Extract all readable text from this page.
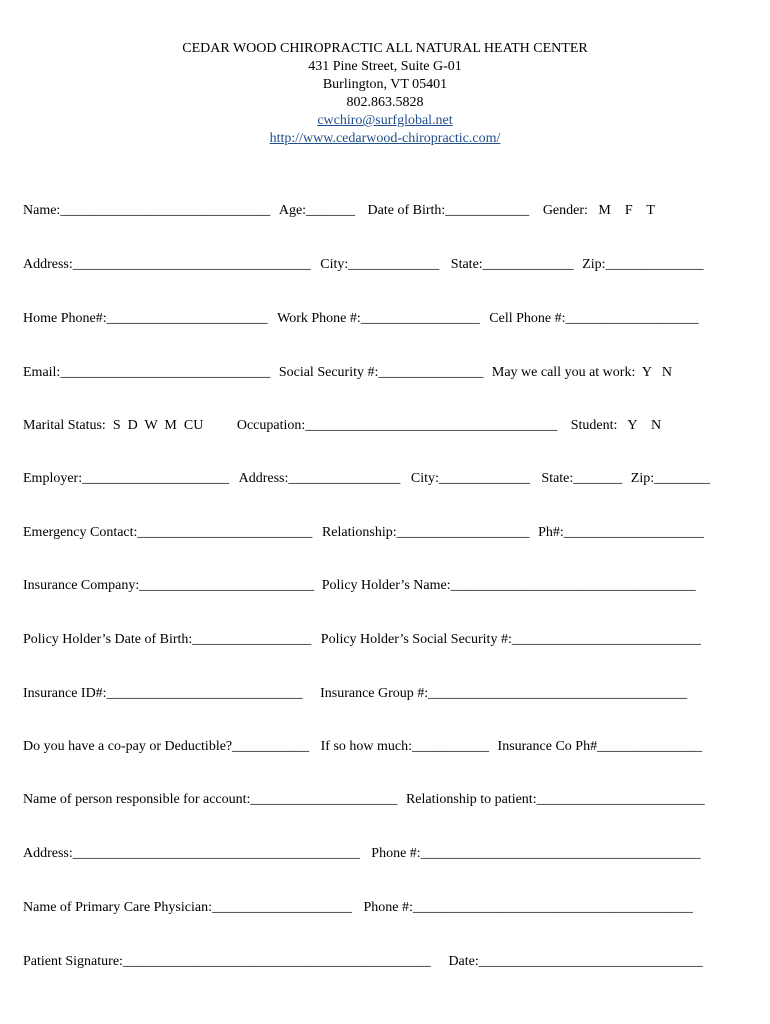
CEDAR WOOD CHIROPRACTIC ALL NATURAL HEATH CENTER
431 Pine Street, Suite G-01
Burlington, VT 05401
802.863.5828
cwchiro@surfglobal.net
http://www.cedarwood-chiropractic.com/
Name:______________________________ Age:_______ Date of Birth:____________ Gender:   M    F    T
Address:__________________________________ City:_____________ State:_____________ Zip:______________
Home Phone#:_______________________ Work Phone #:_________________ Cell Phone #:___________________
Email:______________________________ Social Security #:_______________ May we call you at work:  Y   N
Marital Status:  S  D  W  M  CU Occupation:____________________________________ Student:   Y    N
Employer:_____________________ Address:________________ City:_____________ State:_______ Zip:________
Emergency Contact:_________________________ Relationship:___________________ Ph#:____________________
Insurance Company:_________________________ Policy Holder’s Name:___________________________________
Policy Holder’s Date of Birth:_________________ Policy Holder’s Social Security #:___________________________
Insurance ID#:____________________________ Insurance Group #:_____________________________________
Do you have a co-pay or Deductible?___________ If so how much:___________ Insurance Co Ph#_______________
Name of person responsible for account:_____________________ Relationship to patient:________________________
Address:_________________________________________ Phone #:________________________________________
Name of Primary Care Physician:____________________ Phone #:________________________________________
Patient Signature:____________________________________________ Date:________________________________
